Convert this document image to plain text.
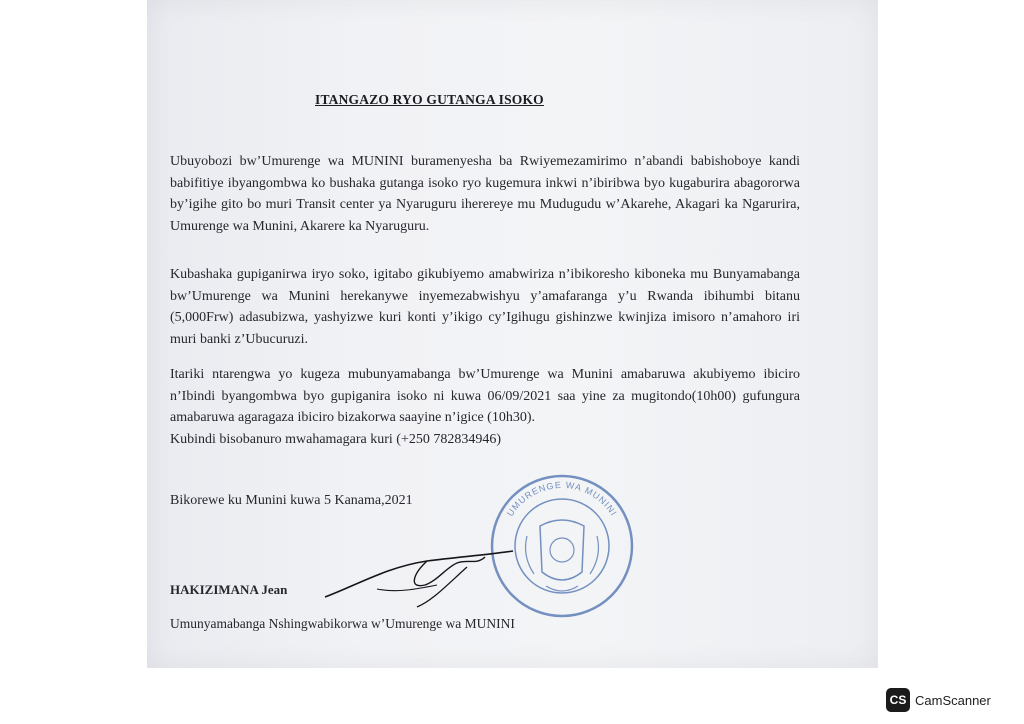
ITANGAZO RYO GUTANGA ISOKO

Ubuyobozi bw’Umurenge wa MUNINI buramenyesha ba Rwiyemezamirimo n’abandi babishoboye kandi babifitiye ibyangombwa ko bushaka gutanga isoko ryo kugemura inkwi n’ibiribwa byo kugaburira abagororwa by’igihe gito bo muri Transit center ya Nyaruguru iherereye mu Mudugudu w’Akarehe, Akagari ka Ngarurira, Umurenge wa Munini, Akarere ka Nyaruguru.

Kubashaka gupiganirwa iryo soko, igitabo gikubiyemo amabwiriza n’ibikoresho kiboneka mu Bunyamabanga bw’Umurenge wa Munini herekanywe inyemezabwishyu y’amafaranga y’u Rwanda ibihumbi bitanu (5,000Frw) adasubizwa, yashyizwe kuri konti y’ikigo cy’Igihugu gishinzwe kwinjiza imisoro n’amahoro iri muri banki z’Ubucuruzi.

Itariki ntarengwa yo kugeza mubunyamabanga bw’Umurenge wa Munini amabaruwa akubiyemo ibiciro n’Ibindi byangombwa byo gupiganira isoko ni kuwa 06/09/2021 saa yine za mugitondo(10h00) gufungura amabaruwa agaragaza ibiciro bizakorwa saayine n’igice (10h30).

Kubindi bisobanuro mwahamagara kuri (+250 782834946)

Bikorewe ku Munini kuwa 5 Kanama,2021

UMURENGE WA MUNINI

HAKIZIMANA Jean

Umunyamabanga Nshingwabikorwa w’Umurenge wa MUNINI

CS CamScanner
